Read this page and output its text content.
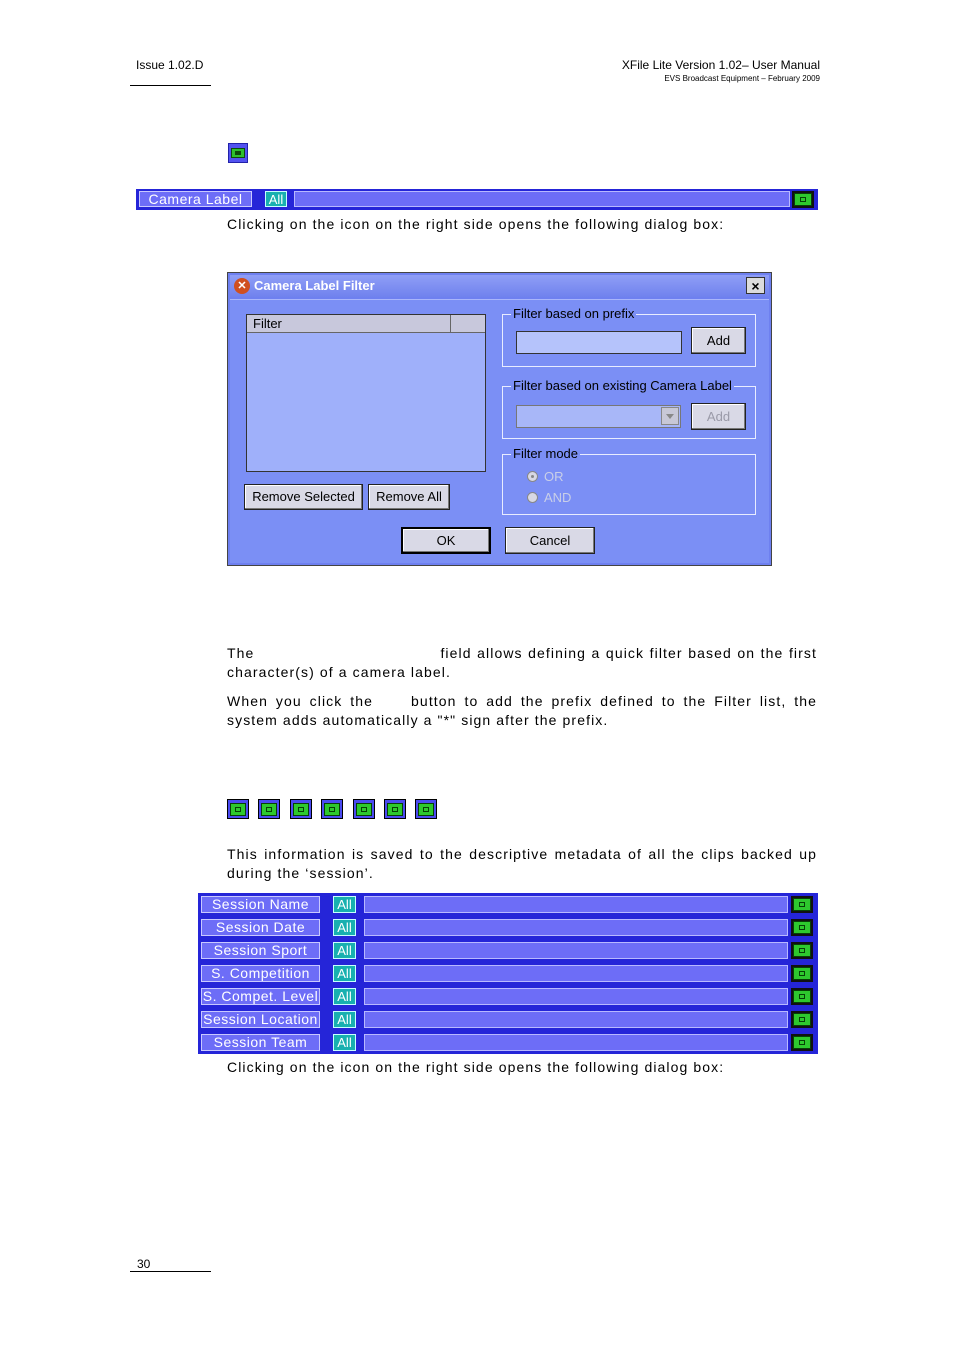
Issue 1.02.D	XFile Lite Version 1.02– User Manual
EVS Broadcast Equipment – February 2009
Camera Label	All
Clicking on the icon on the right side opens the following dialog box:
✕ Camera Label Filter	×
Filter
Remove Selected	Remove All
Filter based on prefix
Add
Filter based on existing Camera Label
Add
Filter mode
OR
AND
OK	Cancel
The	field allows defining a quick filter based on the first character(s) of a camera label.
When you click the	button to add the prefix defined to the Filter list, the system adds automatically a "*" sign after the prefix.
This information is saved to the descriptive metadata of all the clips backed up during the ‘session’.
Session Name	All
Session Date	All
Session Sport	All
S. Competition	All
S. Compet. Level	All
Session Location	All
Session Team	All
Clicking on the icon on the right side opens the following dialog box:
30
